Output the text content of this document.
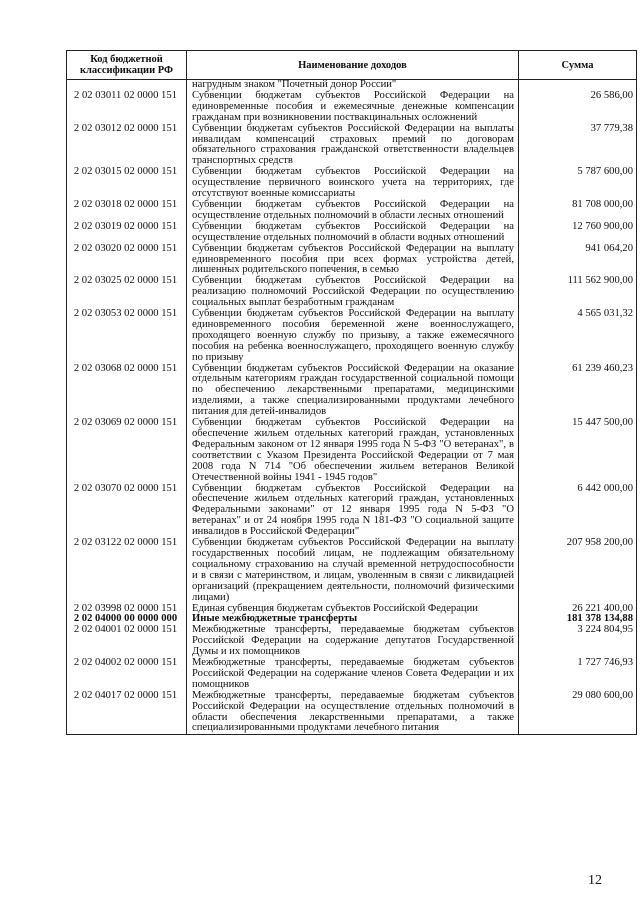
Код бюджетной классификации РФ	Наименование доходов	Сумма
	нагрудным знаком "Почетный донор России"	
2 02 03011 02 0000 151	Субвенции бюджетам субъектов Российской Федерации на единовременные пособия и ежемесячные денежные компенсации гражданам при возникновении поствакцинальных осложнений	26 586,00
2 02 03012 02 0000 151	Субвенции бюджетам субъектов Российской Федерации на выплаты инвалидам компенсаций страховых премий по договорам обязательного страхования гражданской ответственности владельцев транспортных средств	37 779,38
2 02 03015 02 0000 151	Субвенции бюджетам субъектов Российской Федерации на осуществление первичного воинского учета на территориях, где отсутствуют военные комиссариаты	5 787 600,00
2 02 03018 02 0000 151	Субвенции бюджетам субъектов Российской Федерации на осуществление отдельных полномочий в области лесных отношений	81 708 000,00
2 02 03019 02 0000 151	Субвенции бюджетам субъектов Российской Федерации на осуществление отдельных полномочий в области водных отношений	12 760 900,00
2 02 03020 02 0000 151	Субвенции бюджетам субъектов Российской Федерации на выплату единовременного пособия при всех формах устройства детей, лишенных родительского попечения, в семью	941 064,20
2 02 03025 02 0000 151	Субвенции бюджетам субъектов Российской Федерации на реализацию полномочий Российской Федерации по осуществлению социальных выплат безработным гражданам	111 562 900,00
2 02 03053 02 0000 151	Субвенции бюджетам субъектов Российской Федерации на выплату единовременного пособия беременной жене военнослужащего, проходящего военную службу по призыву, а также ежемесячного пособия на ребенка военнослужащего, проходящего военную службу по призыву	4 565 031,32
2 02 03068 02 0000 151	Субвенции бюджетам субъектов Российской Федерации на оказание отдельным категориям граждан государственной социальной помощи по обеспечению лекарственными препаратами, медицинскими изделиями, а также специализированными продуктами лечебного питания для детей-инвалидов	61 239 460,23
2 02 03069 02 0000 151	Субвенции бюджетам субъектов Российской Федерации на обеспечение жильем отдельных категорий граждан, установленных Федеральным законом от 12 января 1995 года N 5-ФЗ "О ветеранах", в соответствии с Указом Президента Российской Федерации от 7 мая 2008 года N 714 "Об обеспечении жильем ветеранов Великой Отечественной войны 1941 - 1945 годов"	15 447 500,00
2 02 03070 02 0000 151	Субвенции бюджетам субъектов Российской Федерации на обеспечение жильем отдельных категорий граждан, установленных Федеральными законами" от 12 января 1995 года N 5-ФЗ "О ветеранах" и от 24 ноября 1995 года N 181-ФЗ "О социальной защите инвалидов в Российской Федерации"	6 442 000,00
2 02 03122 02 0000 151	Субвенции бюджетам субъектов Российской Федерации на выплату государственных пособий лицам, не подлежащим обязательному социальному страхованию на случай временной нетрудоспособности и в связи с материнством, и лицам, уволенным в связи с ликвидацией организаций (прекращением деятельности, полномочий физическими лицами)	207 958 200,00
2 02 03998 02 0000 151	Единая субвенция бюджетам субъектов Российской Федерации	26 221 400,00
2 02 04000 00 0000 000	Иные межбюджетные трансферты	181 378 134,88
2 02 04001 02 0000 151	Межбюджетные трансферты, передаваемые бюджетам субъектов Российской Федерации на содержание депутатов Государственной Думы и их помощников	3 224 804,95
2 02 04002 02 0000 151	Межбюджетные трансферты, передаваемые бюджетам субъектов Российской Федерации на содержание членов Совета Федерации и их помощников	1 727 746,93
2 02 04017 02 0000 151	Межбюджетные трансферты, передаваемые бюджетам субъектов Российской Федерации на осуществление отдельных полномочий в области обеспечения лекарственными препаратами, а также специализированными продуктами лечебного питания	29 080 600,00
12
